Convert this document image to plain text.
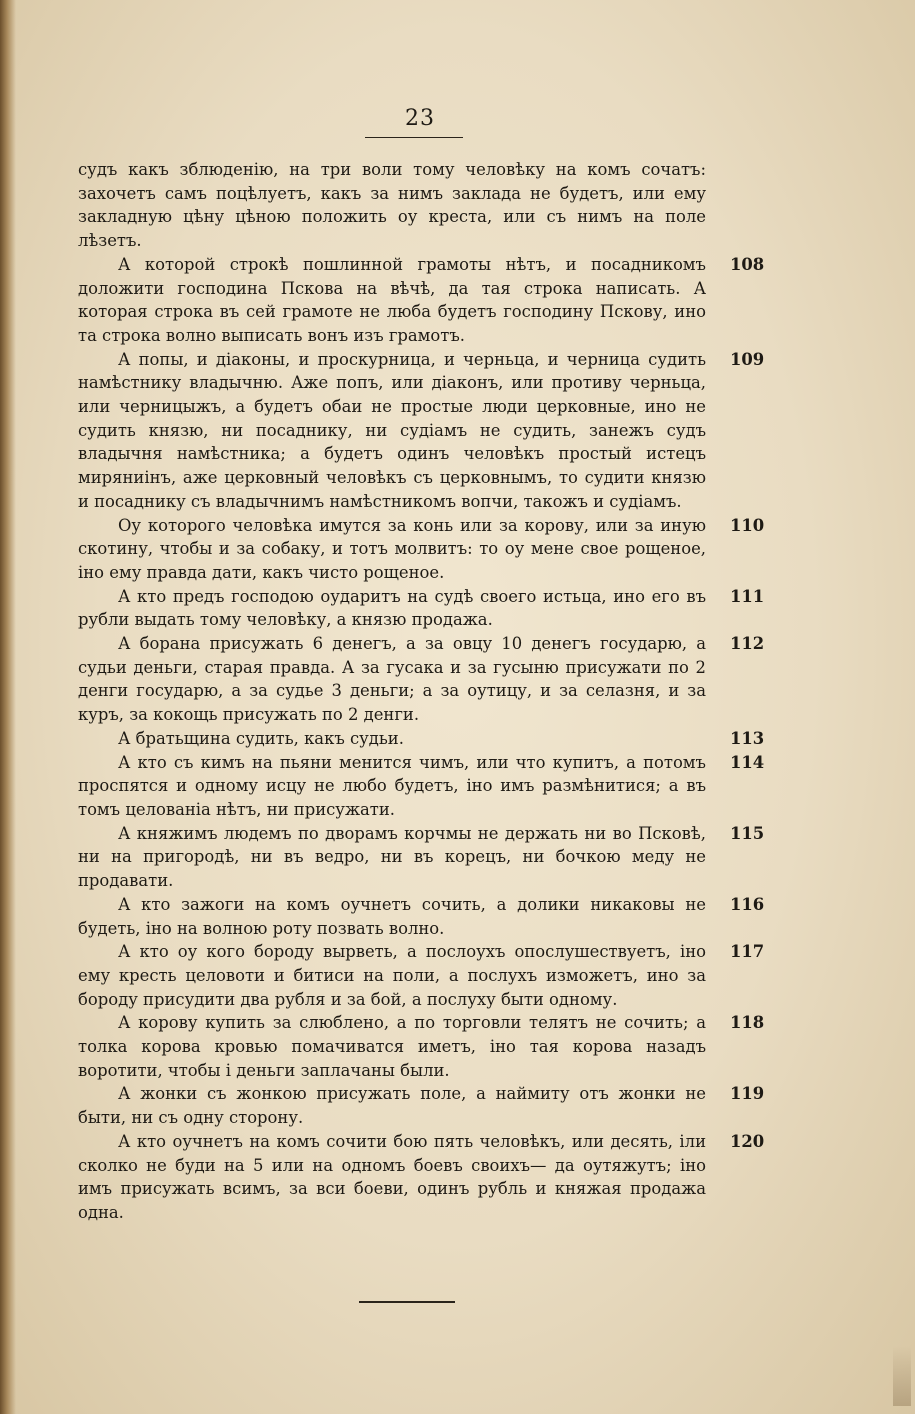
23

судъ какъ зблюденію, на три воли тому человѣку на комъ сочатъ: захочетъ самъ поцѣлуетъ, какъ за нимъ заклада не будетъ, или ему закладную цѣну цѣною положить оу креста, или съ нимъ на поле лѣзетъ.

А которой строкѣ пошлинной грамоты нѣтъ, и посадникомъ доложити господина Пскова на вѣчѣ, да тая строка написать. А которая строка въ сей грамоте не люба будетъ господину Пскову, ино та строка волно выписать вонъ изъ грамотъ.
108

А попы, и діаконы, и проскурница, и черньца, и черница судить намѣстнику владычню. Аже попъ, или діаконъ, или противу черньца, или черницыжъ, а будетъ обаи не простые люди церковные, ино не судить князю, ни посаднику, ни судіамъ не судить, занежъ судъ владычня намѣстника; а будетъ одинъ человѣкъ простый истецъ миряниінъ, аже церковный человѣкъ съ церковнымъ, то судити князю и посаднику съ владычнимъ намѣстникомъ вопчи, такожъ и судіамъ.
109

Оу которого человѣка имутся за конь или за корову, или за иную скотину, чтобы и за собаку, и тотъ молвитъ: то оу мене свое рощеное, іно ему правда дати, какъ чисто рощеное.
110

А кто предъ господою оударитъ на судѣ своего истьца, ино его въ рубли выдать тому человѣку, а князю продажа.
111

А борана присужать 6 денегъ, а за овцу 10 денегъ государю, а судьи деньги, старая правда. А за гусака и за гусыню присужати по 2 денги государю, а за судье 3 деньги; а за оутицу, и за селазня, и за куръ, за кокощь присужать по 2 денги.
112

А братьщина судить, какъ судьи.	113

А кто съ кимъ на пьяни менится чимъ, или что купитъ, а потомъ проспятся и одному исцу не любо будетъ, іно имъ размѣнитися; а въ томъ целованіа нѣтъ, ни присужати.
114

А княжимъ людемъ по дворамъ корчмы не держать ни во Псковѣ, ни на пригородѣ, ни въ ведро, ни въ корецъ, ни бочкою меду не продавати.
115

А кто зажоги на комъ оучнетъ сочить, а долики никаковы не будеть, іно на волною роту позвать волно.
116

А кто оу кого бороду вырветь, а послоухъ опослушествуетъ, іно ему кресть целовоти и битиси на поли, а послухъ изможетъ, ино за бороду присудити два рубля и за бой, а послуху быти одному.
117

А корову купить за слюблено, а по торговли телятъ не сочить; а толка корова кровью помачиватся иметъ, іно тая корова назадъ воротити, чтобы і деньги заплачаны были.
118

А жонки съ жонкою присужать поле, а наймиту отъ жонки не быти, ни съ одну сторону.
119

А кто оучнетъ на комъ сочити бою пять человѣкъ, или десять, іли сколко не буди на 5 или на одномъ боевъ своихъ— да оутяжутъ; іно имъ присужать всимъ, за вси боеви, одинъ рубль и княжая продажа одна.
120
